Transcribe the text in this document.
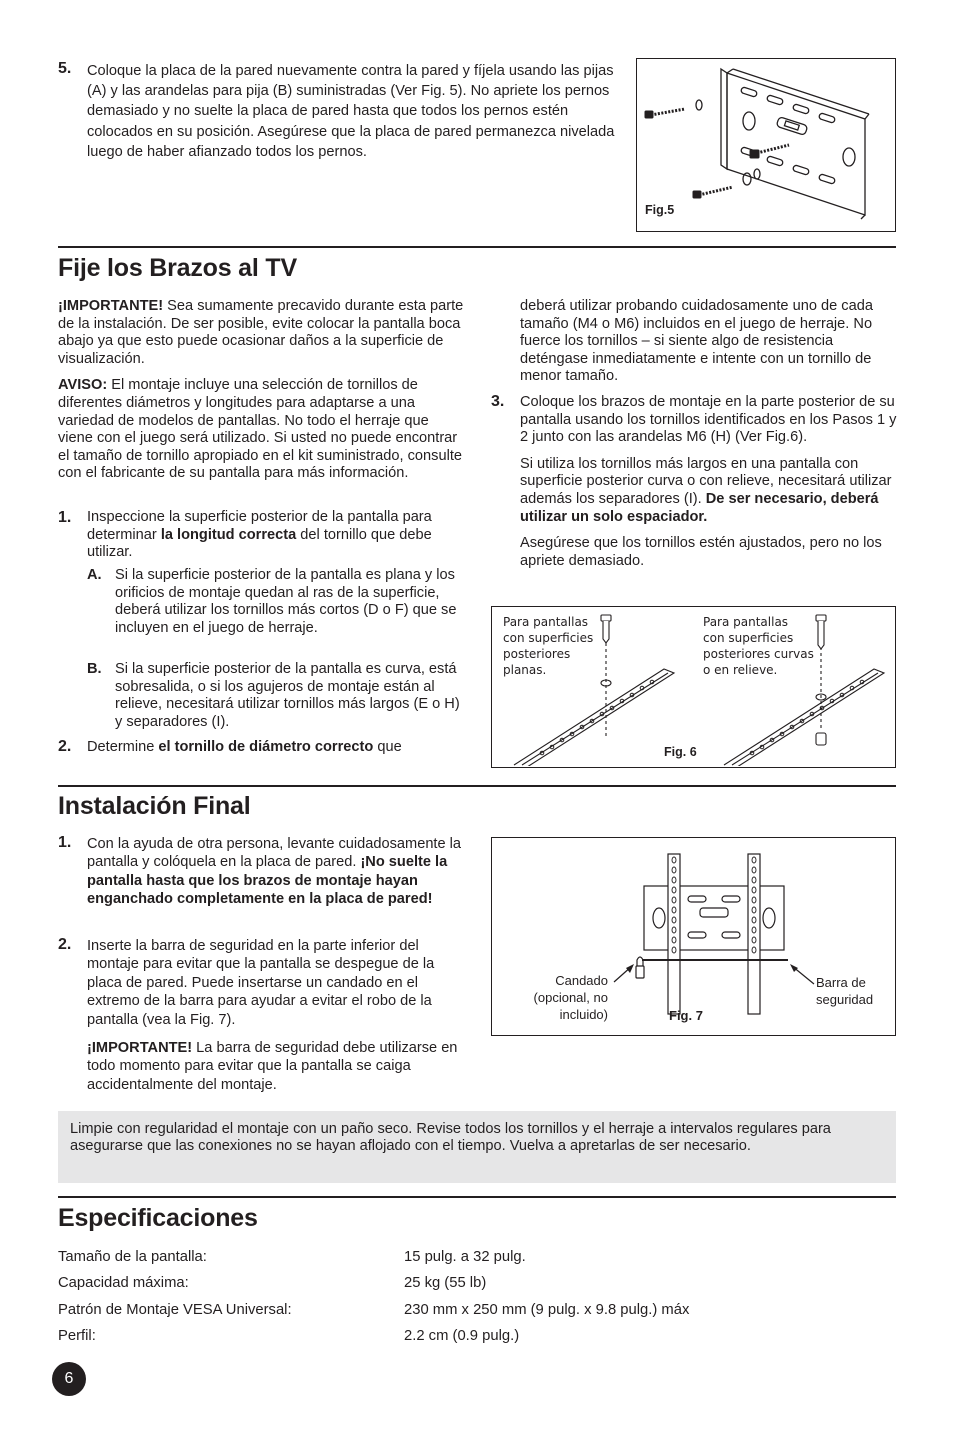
5. Coloque la placa de la pared nuevamente contra la pared y fíjela usando las pijas (A) y las arandelas para pija (B) suministradas (Ver Fig. 5). No apriete los pernos demasiado y no suelte la placa de pared hasta que todos los pernos estén colocados en su posición. Asegúrese que la placa de pared permanezca nivelada luego de haber afianzado todos los pernos.

Fig.5
Fije los Brazos al TV

¡IMPORTANTE! Sea sumamente precavido durante esta parte de la instalación. De ser posible, evite colocar la pantalla boca abajo ya que esto puede ocasionar daños a la superficie de visualización.

AVISO: El montaje incluye una selección de tornillos de diferentes diámetros y longitudes para adaptarse a una variedad de modelos de pantallas. No todo el herraje que viene con el juego será utilizado. Si usted no puede encontrar el tamaño de tornillo apropiado en el kit suministrado, consulte con el fabricante de su pantalla para más información.

1. Inspeccione la superficie posterior de la pantalla para determinar la longitud correcta del tornillo que debe utilizar.

A. Si la superficie posterior de la pantalla es plana y los orificios de montaje quedan al ras de la superficie, deberá utilizar los tornillos más cortos (D o F) que se incluyen en el juego de herraje.

B. Si la superficie posterior de la pantalla es curva, está sobresalida, o si los agujeros de montaje están al relieve, necesitará utilizar tornillos más largos (E o H) y separadores (I).

2. Determine el tornillo de diámetro correcto que

deberá utilizar probando cuidadosamente uno de cada tamaño (M4 o M6) incluidos en el juego de herraje. No fuerce los tornillos – si siente algo de resistencia deténgase inmediatamente e intente con un tornillo de menor tamaño.

3. Coloque los brazos de montaje en la parte posterior de su pantalla usando los tornillos identificados en los Pasos 1 y 2 junto con las arandelas M6 (H) (Ver Fig.6).

Si utiliza los tornillos más largos en una pantalla con superficie posterior curva o con relieve, necesitará utilizar además los separadores (I). De ser necesario, deberá utilizar un solo espaciador.

Asegúrese que los tornillos estén ajustados, pero no los apriete demasiado.

Para pantallas
con superficies
posteriores
planas.
Para pantallas
con superficies
posteriores curvas
o en relieve.
Fig. 6
Instalación Final
1. Con la ayuda de otra persona, levante cuidadosamente la pantalla y colóquela en la placa de pared. ¡No suelte la pantalla hasta que los brazos de montaje hayan enganchado completamente en la placa de pared!

2. Inserte la barra de seguridad en la parte inferior del montaje para evitar que la pantalla se despegue de la placa de pared. Puede insertarse un candado en el extremo de la barra para ayudar a evitar el robo de la pantalla (vea la Fig. 7).

¡IMPORTANTE! La barra de seguridad debe utilizarse en todo momento para evitar que la pantalla se caiga accidentalmente del montaje.

Candado
(opcional, no
incluido)
Barra de
seguridad
Fig. 7

Limpie con regularidad el montaje con un paño seco. Revise todos los tornillos y el herraje a intervalos regulares para asegurarse que las conexiones no se hayan aflojado con el tiempo. Vuelva a apretarlas de ser necesario.

Especificaciones
Tamaño de la pantalla:	15 pulg. a 32 pulg.
Capacidad máxima:	25 kg (55 lb)
Patrón de Montaje VESA Universal:	230 mm x 250 mm (9 pulg. x 9.8 pulg.) máx
Perfil:	2.2 cm (0.9 pulg.)
6
